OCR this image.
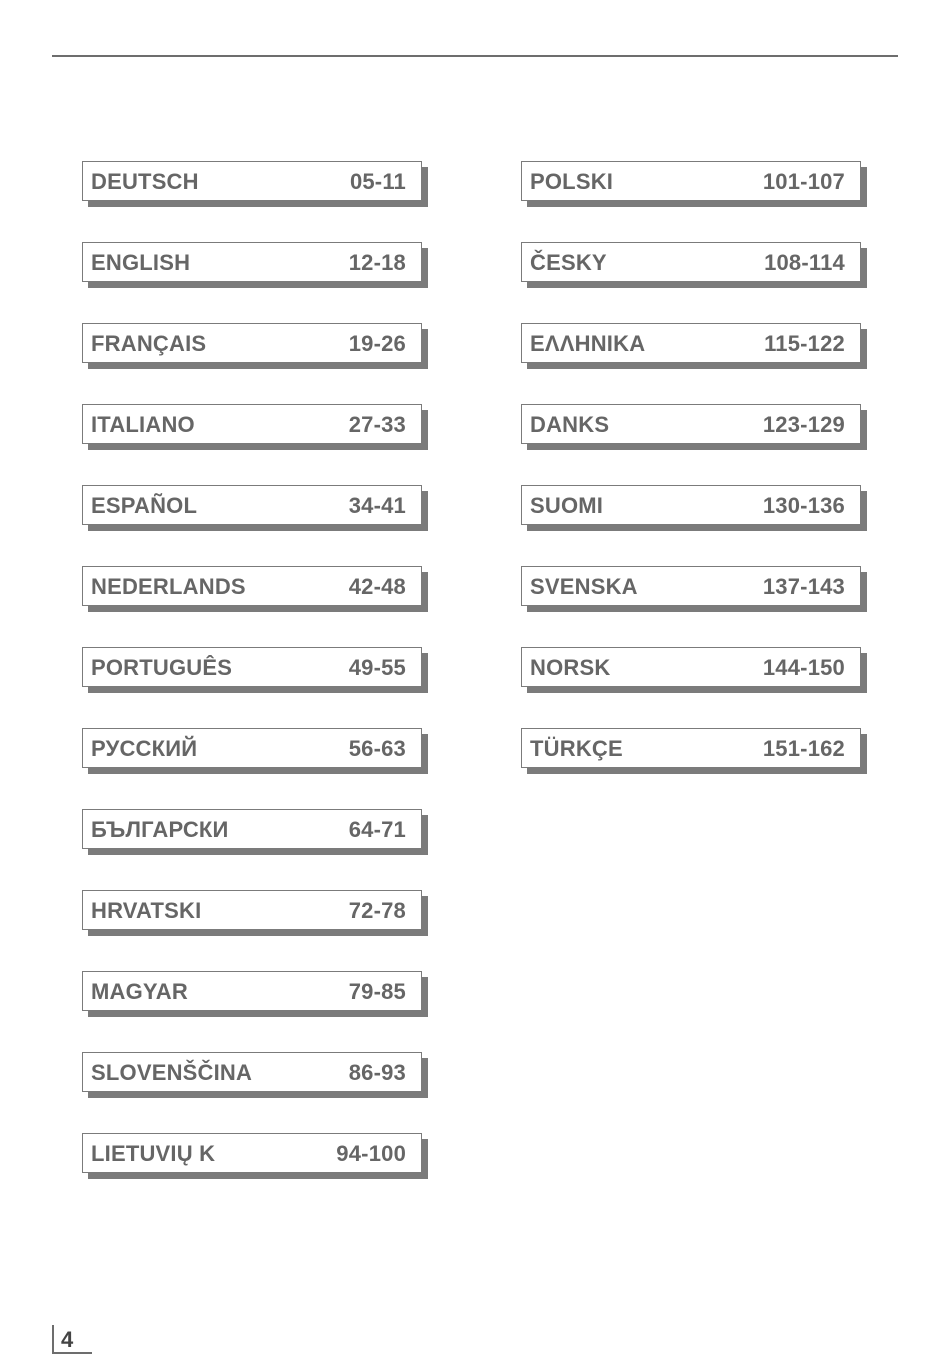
DEUTSCH	05-11
ENGLISH	12-18
FRANÇAIS	19-26
ITALIANO	27-33
ESPAÑOL	34-41
NEDERLANDS	42-48
PORTUGUÊS	49-55
РУССКИЙ	56-63
БЪЛГАРСКИ	64-71
HRVATSKI	72-78
MAGYAR	79-85
SLOVENŠČINA	86-93
LIETUVIŲ K	94-100
POLSKI	101-107
ČESKY	108-114
ΕΛΛΗΝΙΚΑ	115-122
DANKS	123-129
SUOMI	130-136
SVENSKA	137-143
NORSK	144-150
TÜRKÇE	151-162
4
